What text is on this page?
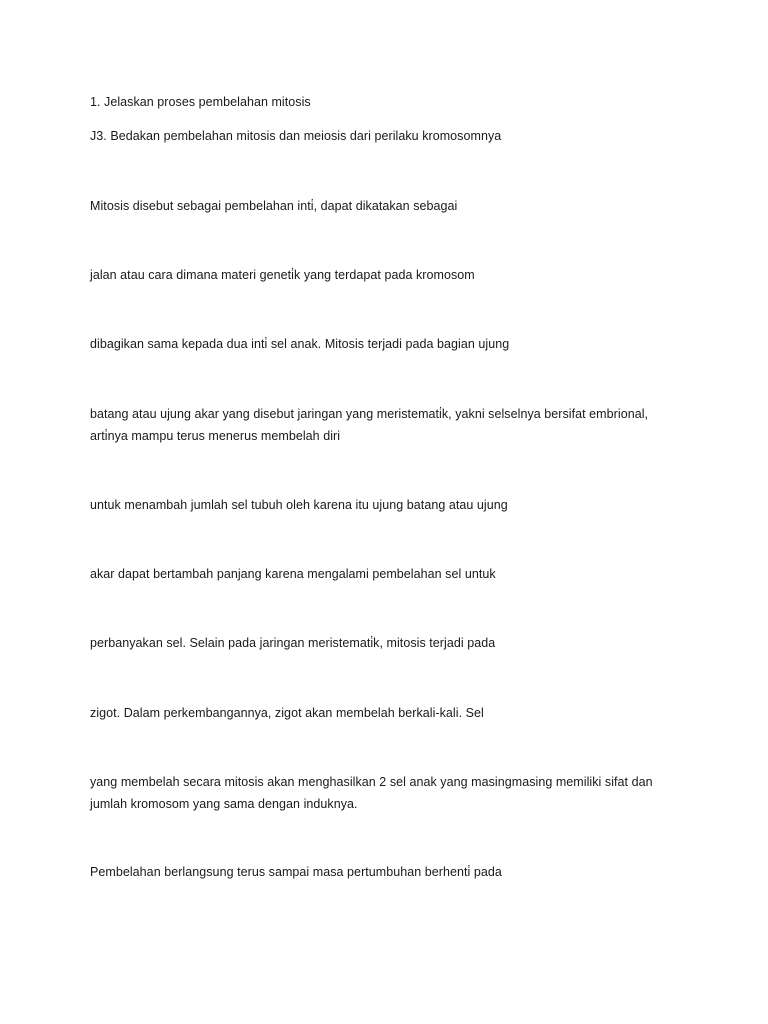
1. Jelaskan proses pembelahan mitosis
J3. Bedakan pembelahan mitosis dan meiosis dari perilaku kromosomnya
Mitosis disebut sebagai pembelahan inti̇, dapat dikatakan sebagai
jalan atau cara dimana materi geneti̇k yang terdapat pada kromosom
dibagikan sama kepada dua inti̇ sel anak. Mitosis terjadi pada bagian ujung
batang atau ujung akar yang disebut jaringan yang meristemati̇k, yakni selselnya bersifat embrional, arti̇nya mampu terus menerus membelah diri
untuk menambah jumlah sel tubuh oleh karena itu ujung batang atau ujung
akar dapat bertambah panjang karena mengalami pembelahan sel untuk
perbanyakan sel. Selain pada jaringan meristemati̇k, mitosis terjadi pada
zigot. Dalam perkembangannya, zigot akan membelah berkali-kali. Sel
yang membelah secara mitosis akan menghasilkan 2 sel anak yang masingmasing memiliki sifat dan jumlah kromosom yang sama dengan induknya.
Pembelahan berlangsung terus sampai masa pertumbuhan berhenti̇ pada
